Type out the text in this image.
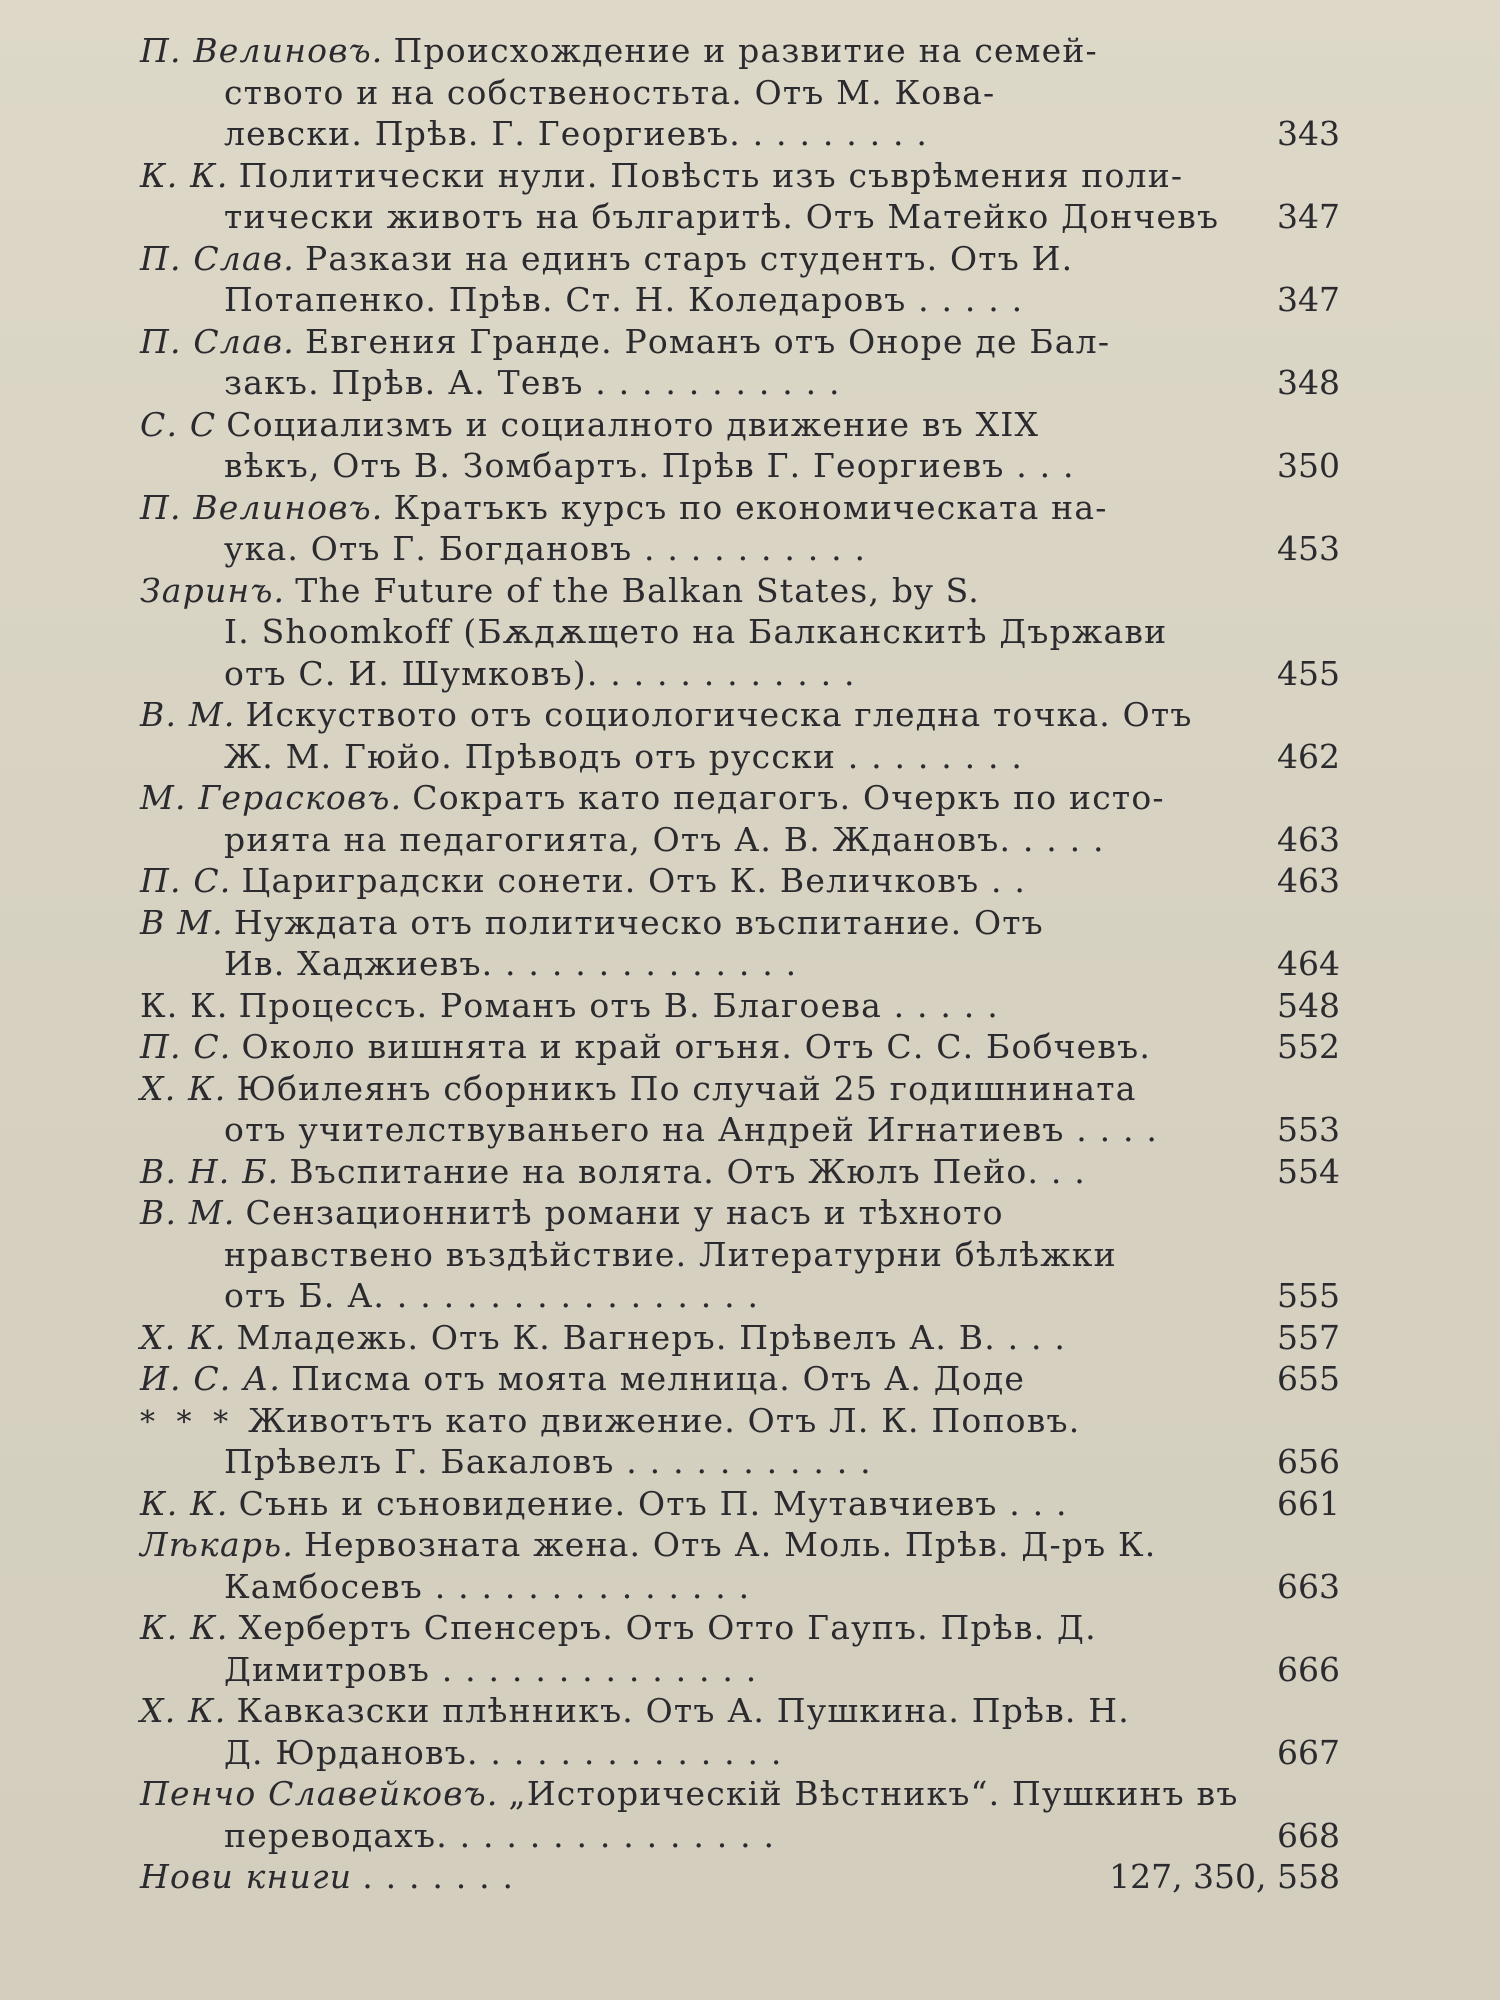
П. Велиновъ. Происхождение и развитие на семей-
ството и на собственостьта. Отъ М. Кова-
левски. Прѣв. Г. Георгиевъ. . . . . . . . .	343
К. К. Политически нули. Повѣсть изъ съврѣмения поли-
тически животъ на българитѣ. Отъ Матейко Дончевъ 347
П. Слав. Разкази на единъ старъ студентъ. Отъ И.
Потапенко. Прѣв. Ст. Н. Коледаровъ . . . . .	347
П. Слав. Евгения Гранде. Романъ отъ Оноре де Бал-
закъ. Прѣв. А. Тевъ . . . . . . . . . . .	348
С. С Социализмъ и социалното движение въ XIX
вѣкъ, Отъ В. Зомбартъ. Прѣв Г. Георгиевъ . . .	350
П. Велиновъ. Кратъкъ курсъ по економическата на-
ука. Отъ Г. Богдановъ . . . . . . . . . .	453
Заринъ. The Future of the Balkan States, by S.
I. Shoomkoff (Бѫдѫщето на Балканскитѣ Държави
отъ С. И. Шумковъ). . . . . . . . . . . .	455
В. М. Искуството отъ социологическа гледна точка. Отъ
Ж. М. Гюйо. Прѣводъ отъ русски . . . . . . . .	462
М. Герасковъ. Сократъ като педагогъ. Очеркъ по исто-
рията на педагогията, Отъ А. В. Ждановъ. . . . .	463
П. С. Цариградски сонети. Отъ К. Величковъ . .	463
В М. Нуждата отъ политическо въспитание. Отъ
Ив. Хаджиевъ. . . . . . . . . . . . . .	464
К. К. Процессъ. Романъ отъ В. Благоева . . . . .	548
П. С. Около вишнята и край огъня. Отъ С. С. Бобчевъ.	552
Х. К. Юбилеянъ сборникъ По случай 25 годишнината
отъ учителствуваньего на Андрей Игнатиевъ . . . .	553
В. Н. Б. Въспитание на волята. Отъ Жюлъ Пейо. . .	554
В. М. Сензационнитѣ романи у насъ и тѣхното
нравствено въздѣйствие. Литературни бѣлѣжки
отъ Б. А. . . . . . . . . . . . . . . . .	555
Х. К. Младежь. Отъ К. Вагнеръ. Прѣвелъ А. В. . . .	557
И. С. А. Писма отъ моята мелница. Отъ А. Доде	655
* * * Животътъ като движение. Отъ Л. К. Поповъ.
Прѣвелъ Г. Бакаловъ . . . . . . . . . . .	656
К. К. Сънь и съновидение. Отъ П. Мутавчиевъ . . .	661
Лѣкарь. Нервозната жена. Отъ А. Моль. Прѣв. Д-ръ К.
Камбосевъ . . . . . . . . . . . . . .	663
К. К. Хербертъ Спенсеръ. Отъ Отто Гаупъ. Прѣв. Д.
Димитровъ . . . . . . . . . . . . . .	666
Х. К. Кавказски плѣнникъ. Отъ А. Пушкина. Прѣв. Н.
Д. Юрдановъ. . . . . . . . . . . . . .	667
Пенчо Славейковъ. „Историческiй Вѣстникъ“. Пушкинъ въ
переводахъ. . . . . . . . . . . . . . .	668
Нови книги . . . . . . .	127, 350, 558
